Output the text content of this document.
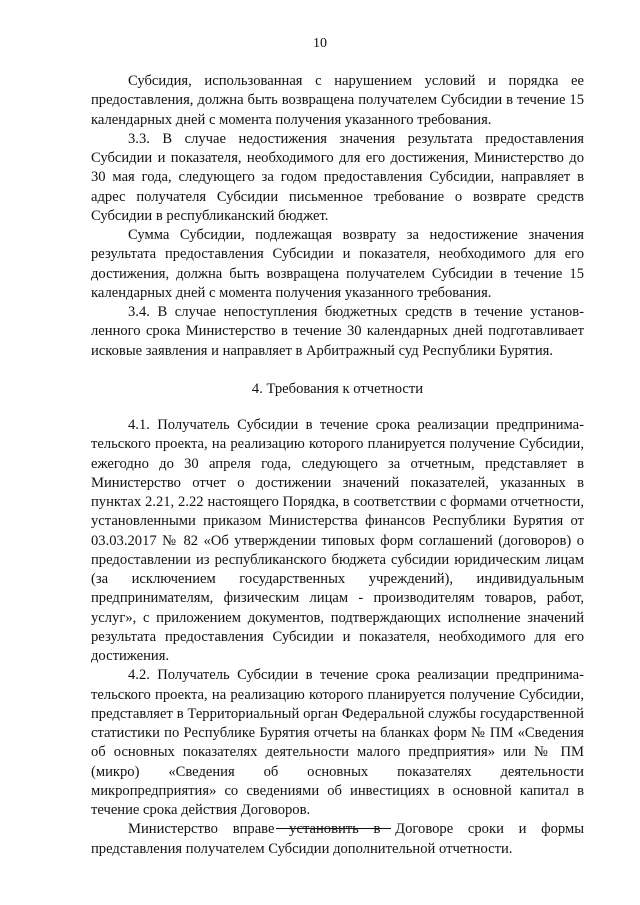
10

Субсидия, использованная с нарушением условий и порядка ее предоставления, должна быть возвращена получателем Субсидии в течение 15 календарных дней с момента получения указанного требования.

3.3. В случае недостижения значения результата предоставления Субсидии и показателя, необходимого для его достижения, Министерство до 30 мая года, следующего за годом предоставления Субсидии, направляет в адрес получателя Субсидии письменное требование о возврате средств Субсидии в республиканский бюджет.

Сумма Субсидии, подлежащая возврату за недостижение значения результата предоставления Субсидии и показателя, необходимого для его достижения, должна быть возвращена получателем Субсидии в течение 15 календарных дней с момента получения указанного требования.

3.4. В случае непоступления бюджетных средств в течение установленного срока Министерство в течение 30 календарных дней подготавливает исковые заявления и направляет в Арбитражный суд Республики Бурятия.

4. Требования к отчетности

4.1. Получатель Субсидии в течение срока реализации предпринимательского проекта, на реализацию которого планируется получение Субсидии, ежегодно до 30 апреля года, следующего за отчетным, представляет в Министерство отчет о достижении значений показателей, указанных в пунктах 2.21, 2.22 настоящего Порядка, в соответствии с формами отчетности, установленными приказом Министерства финансов Республики Бурятия от 03.03.2017 № 82 «Об утверждении типовых форм соглашений (договоров) о предоставлении из республиканского бюджета субсидии юридическим лицам (за исключением государственных учреждений), индивидуальным предпринимателям, физическим лицам - производителям товаров, работ, услуг», с приложением документов, подтверждающих исполнение значений результата предоставления Субсидии и показателя, необходимого для его достижения.

4.2. Получатель Субсидии в течение срока реализации предпринимательского проекта, на реализацию которого планируется получение Субсидии, представляет в Территориальный орган Федеральной службы государственной статистики по Республике Бурятия отчеты на бланках форм № ПМ «Сведения об основных показателях деятельности малого предприятия» или № ПМ (микро) «Сведения об основных показателях деятельности микропредприятия» со сведениями об инвестициях в основной капитал в течение срока действия Договоров.

Министерство вправе установить в Договоре сроки и формы представления получателем Субсидии дополнительной отчетности.
